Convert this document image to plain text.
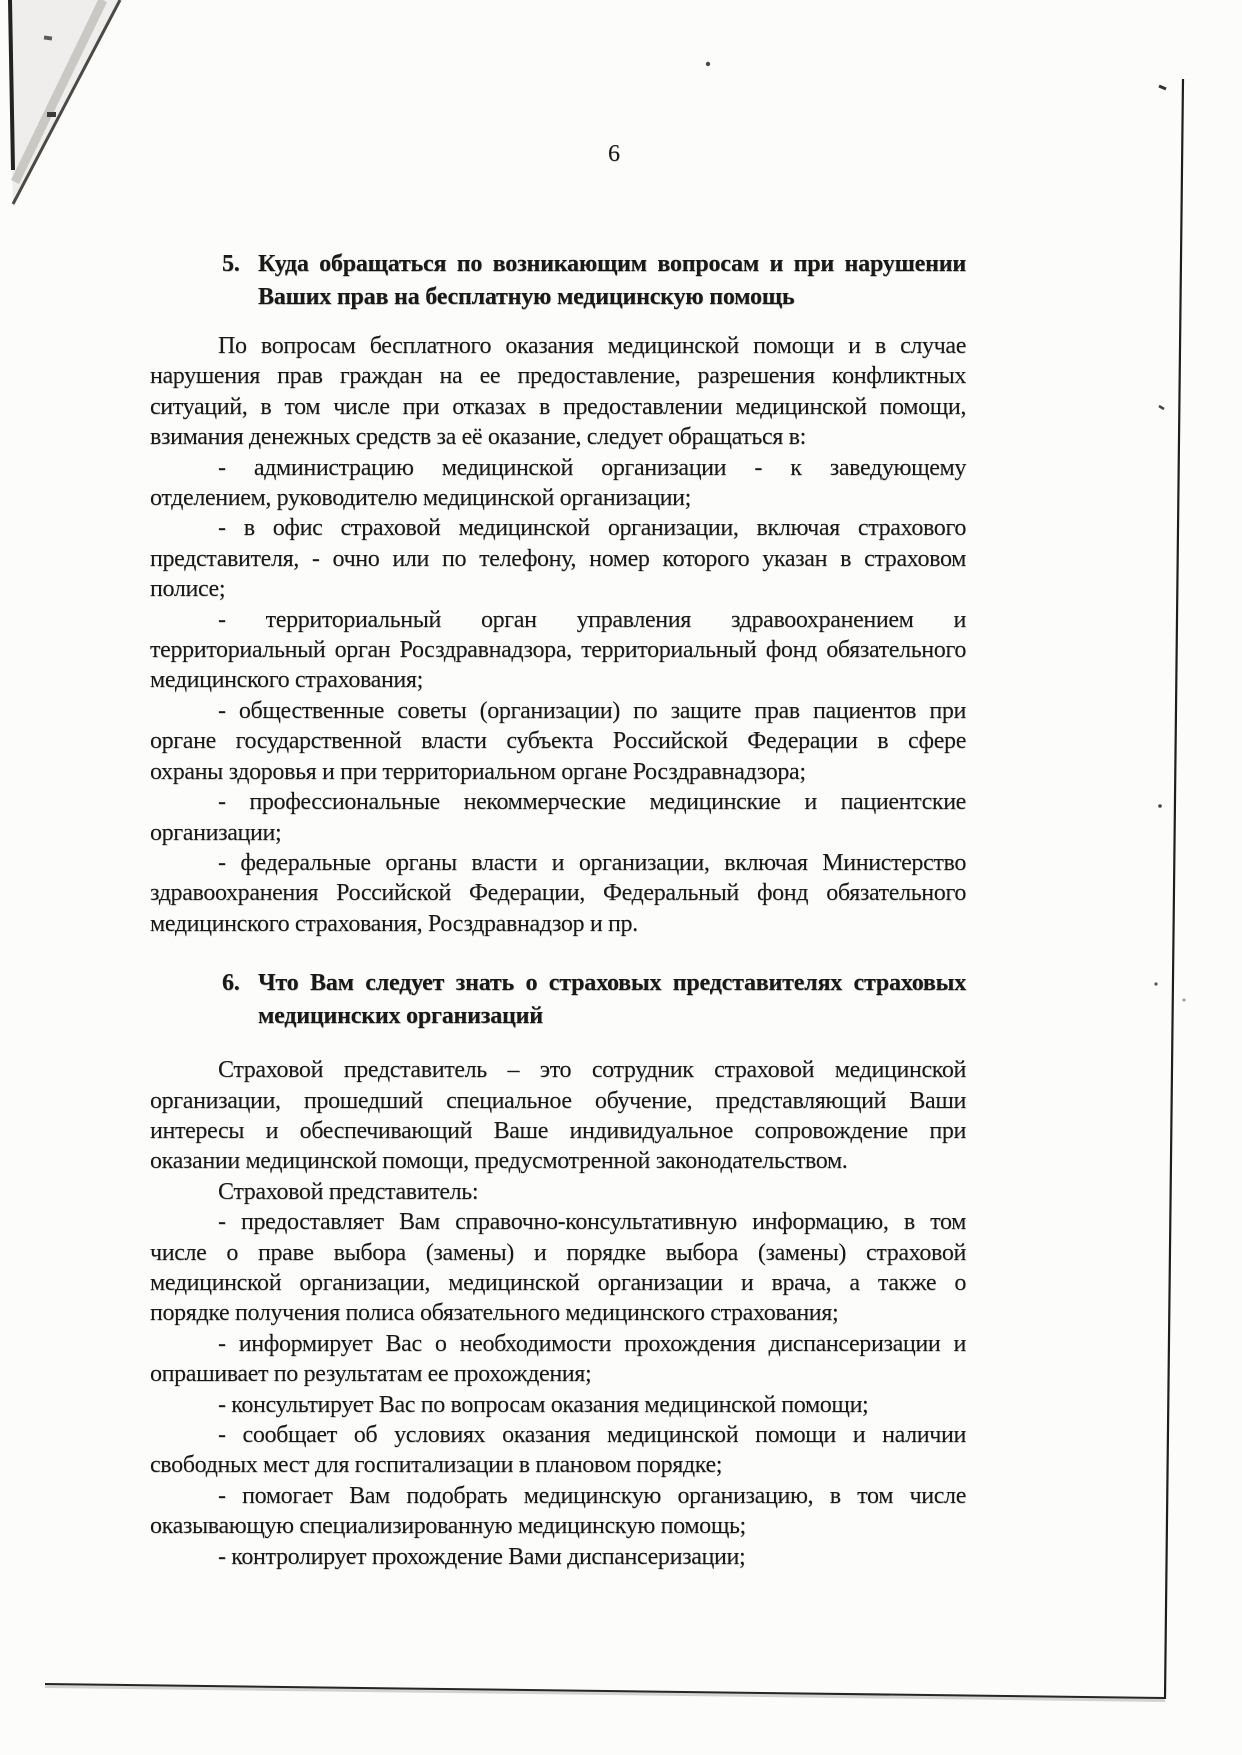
6
5. Куда обращаться по возникающим вопросам и при нарушении
Ваших прав на бесплатную медицинскую помощь
По вопросам бесплатного оказания медицинской помощи и в случае
нарушения прав граждан на ее предоставление, разрешения конфликтных
ситуаций, в том числе при отказах в предоставлении медицинской помощи,
взимания денежных средств за её оказание, следует обращаться в:
- администрацию медицинской организации - к заведующему
отделением, руководителю медицинской организации;
- в офис страховой медицинской организации, включая страхового
представителя, - очно или по телефону, номер которого указан в страховом
полисе;
- территориальный орган управления здравоохранением и
территориальный орган Росздравнадзора, территориальный фонд обязательного
медицинского страхования;
- общественные советы (организации) по защите прав пациентов при
органе государственной власти субъекта Российской Федерации в сфере
охраны здоровья и при территориальном органе Росздравнадзора;
- профессиональные некоммерческие медицинские и пациентские
организации;
- федеральные органы власти и организации, включая Министерство
здравоохранения Российской Федерации, Федеральный фонд обязательного
медицинского страхования, Росздравнадзор и пр.
6. Что Вам следует знать о страховых представителях страховых
медицинских организаций
Страховой представитель – это сотрудник страховой медицинской
организации, прошедший специальное обучение, представляющий Ваши
интересы и обеспечивающий Ваше индивидуальное сопровождение при
оказании медицинской помощи, предусмотренной законодательством.
Страховой представитель:
- предоставляет Вам справочно-консультативную информацию, в том
числе о праве выбора (замены) и порядке выбора (замены) страховой
медицинской организации, медицинской организации и врача, а также о
порядке получения полиса обязательного медицинского страхования;
- информирует Вас о необходимости прохождения диспансеризации и
опрашивает по результатам ее прохождения;
- консультирует Вас по вопросам оказания медицинской помощи;
- сообщает об условиях оказания медицинской помощи и наличии
свободных мест для госпитализации в плановом порядке;
- помогает Вам подобрать медицинскую организацию, в том числе
оказывающую специализированную медицинскую помощь;
- контролирует прохождение Вами диспансеризации;
